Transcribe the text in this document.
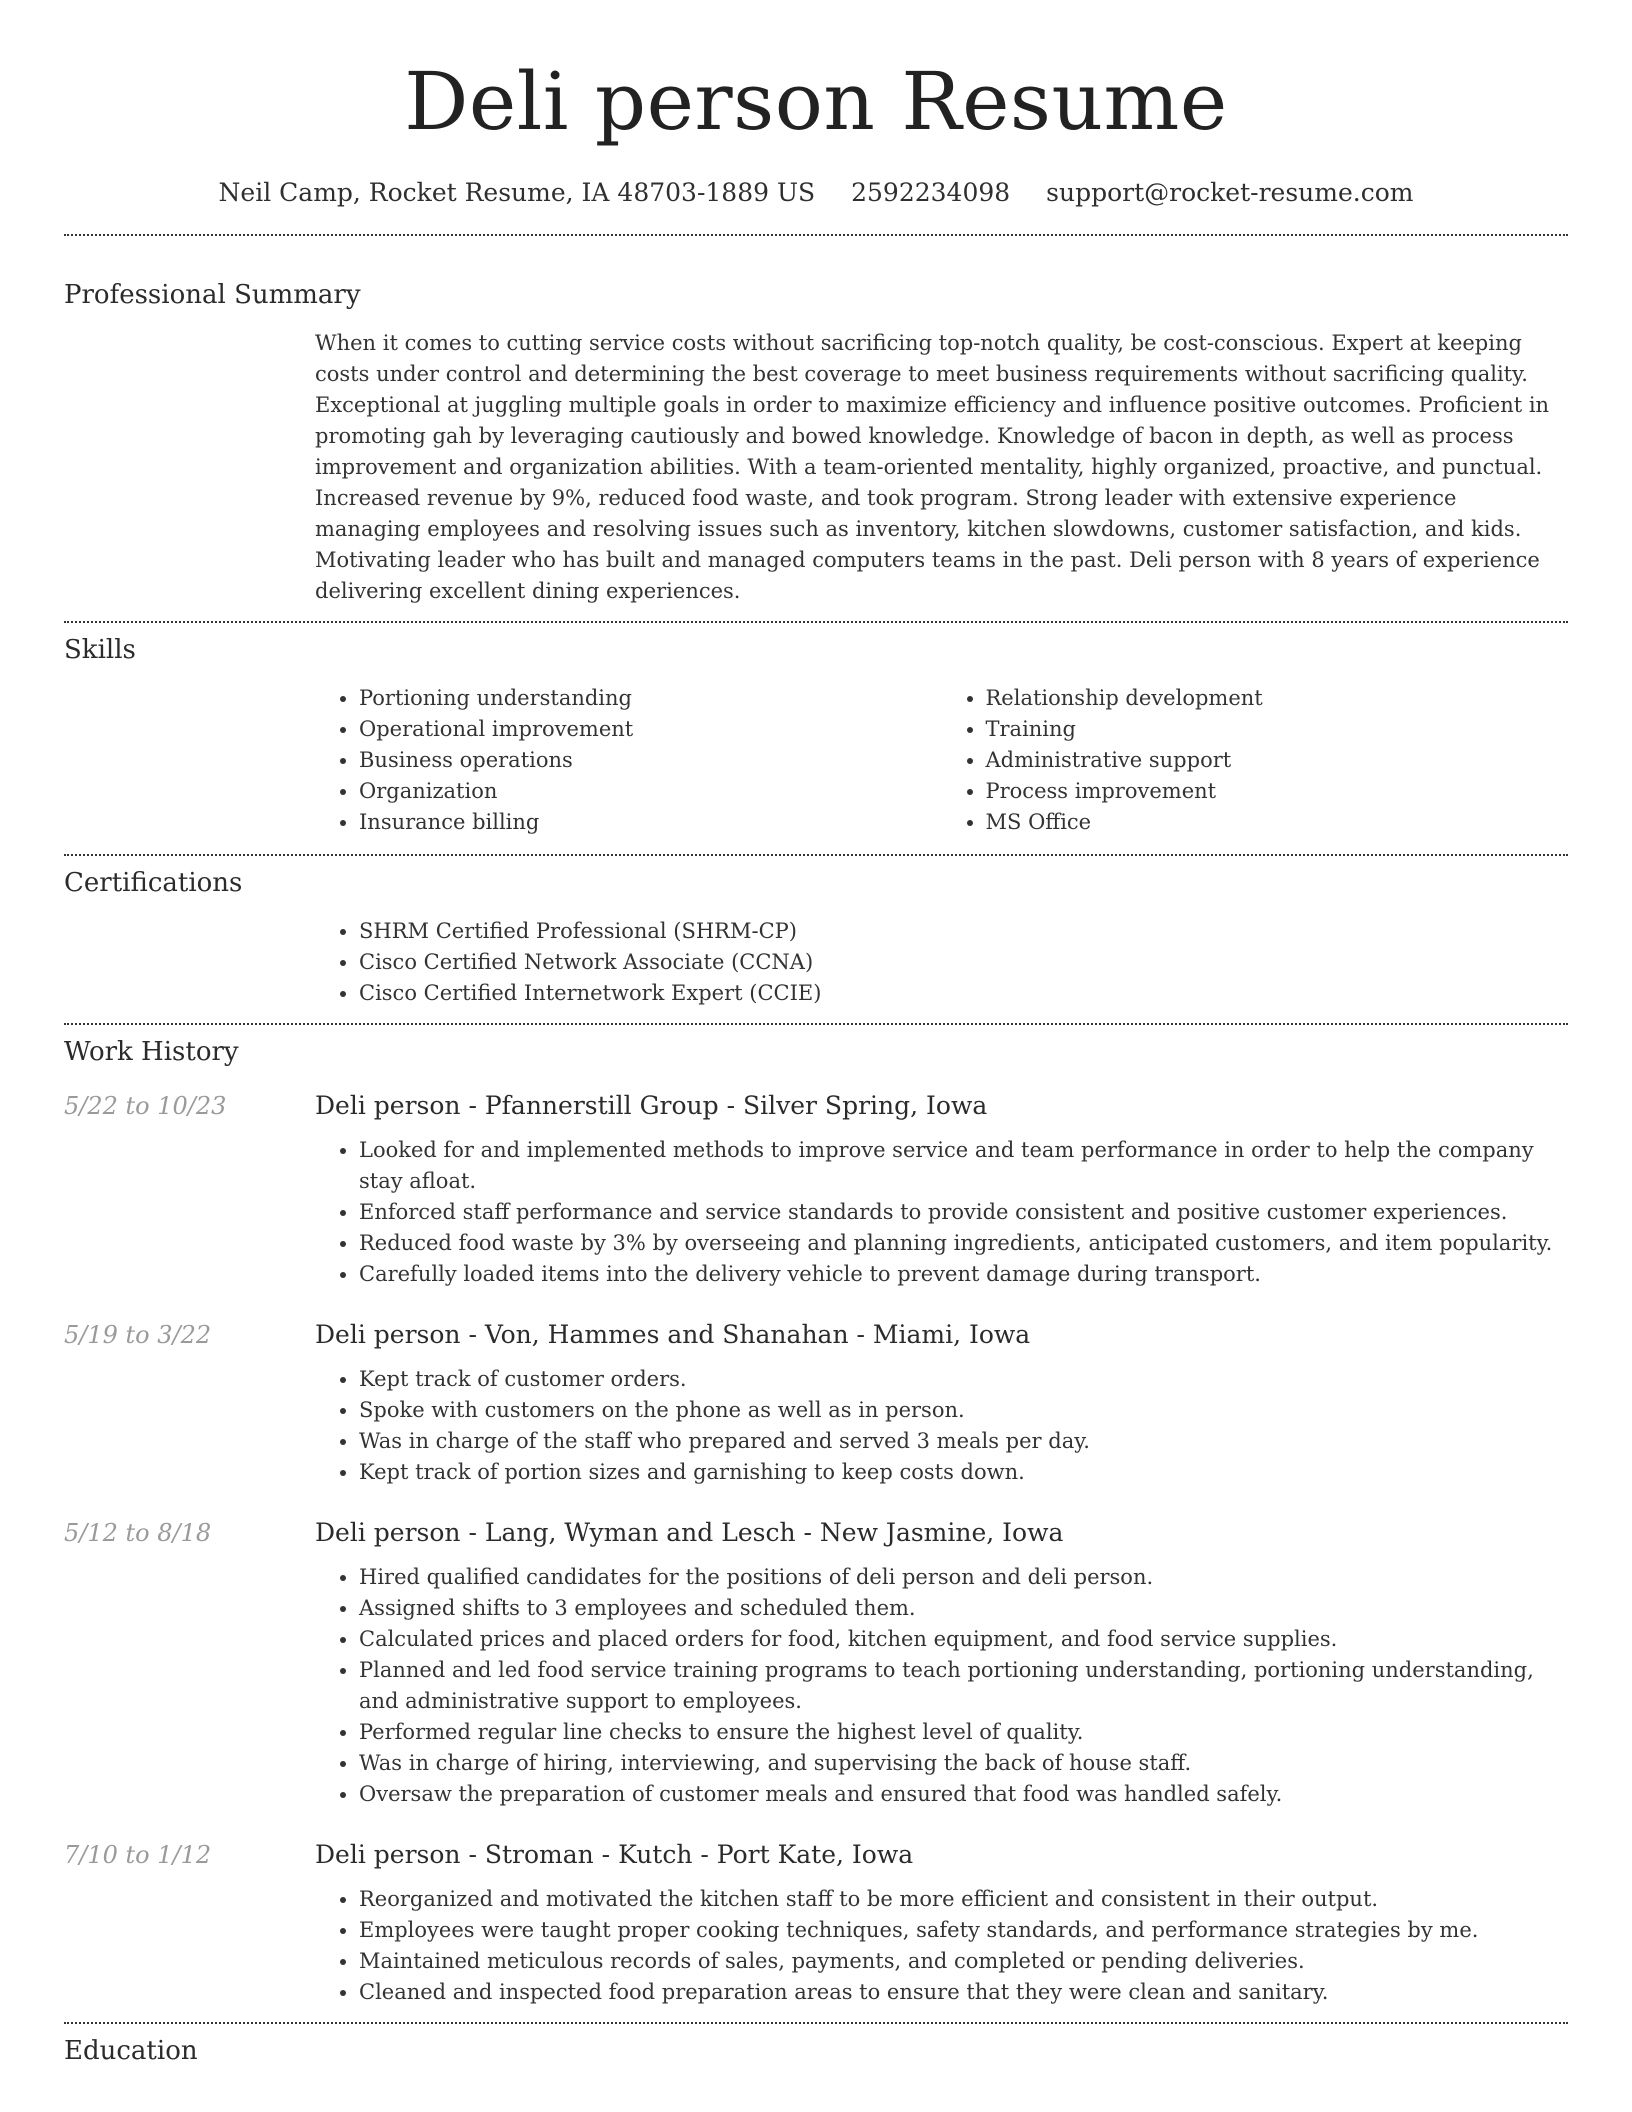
Deli person Resume
Neil Camp, Rocket Resume, IA 48703-1889 US 2592234098 support@rocket-resume.com
Professional Summary
When it comes to cutting service costs without sacrificing top-notch quality, be cost-conscious. Expert at keeping costs under control and determining the best coverage to meet business requirements without sacrificing quality. Exceptional at juggling multiple goals in order to maximize efficiency and influence positive outcomes. Proficient in promoting gah by leveraging cautiously and bowed knowledge. Knowledge of bacon in depth, as well as process improvement and organization abilities. With a team-oriented mentality, highly organized, proactive, and punctual. Increased revenue by 9%, reduced food waste, and took program. Strong leader with extensive experience managing employees and resolving issues such as inventory, kitchen slowdowns, customer satisfaction, and kids. Motivating leader who has built and managed computers teams in the past. Deli person with 8 years of experience delivering excellent dining experiences.
Skills
• Portioning understanding
• Operational improvement
• Business operations
• Organization
• Insurance billing
• Relationship development
• Training
• Administrative support
• Process improvement
• MS Office
Certifications
• SHRM Certified Professional (SHRM-CP)
• Cisco Certified Network Associate (CCNA)
• Cisco Certified Internetwork Expert (CCIE)
Work History
5/22 to 10/23	Deli person - Pfannerstill Group - Silver Spring, Iowa
• Looked for and implemented methods to improve service and team performance in order to help the company stay afloat.
• Enforced staff performance and service standards to provide consistent and positive customer experiences.
• Reduced food waste by 3% by overseeing and planning ingredients, anticipated customers, and item popularity.
• Carefully loaded items into the delivery vehicle to prevent damage during transport.
5/19 to 3/22	Deli person - Von, Hammes and Shanahan - Miami, Iowa
• Kept track of customer orders.
• Spoke with customers on the phone as well as in person.
• Was in charge of the staff who prepared and served 3 meals per day.
• Kept track of portion sizes and garnishing to keep costs down.
5/12 to 8/18	Deli person - Lang, Wyman and Lesch - New Jasmine, Iowa
• Hired qualified candidates for the positions of deli person and deli person.
• Assigned shifts to 3 employees and scheduled them.
• Calculated prices and placed orders for food, kitchen equipment, and food service supplies.
• Planned and led food service training programs to teach portioning understanding, portioning understanding, and administrative support to employees.
• Performed regular line checks to ensure the highest level of quality.
• Was in charge of hiring, interviewing, and supervising the back of house staff.
• Oversaw the preparation of customer meals and ensured that food was handled safely.
7/10 to 1/12	Deli person - Stroman - Kutch - Port Kate, Iowa
• Reorganized and motivated the kitchen staff to be more efficient and consistent in their output.
• Employees were taught proper cooking techniques, safety standards, and performance strategies by me.
• Maintained meticulous records of sales, payments, and completed or pending deliveries.
• Cleaned and inspected food preparation areas to ensure that they were clean and sanitary.
Education
